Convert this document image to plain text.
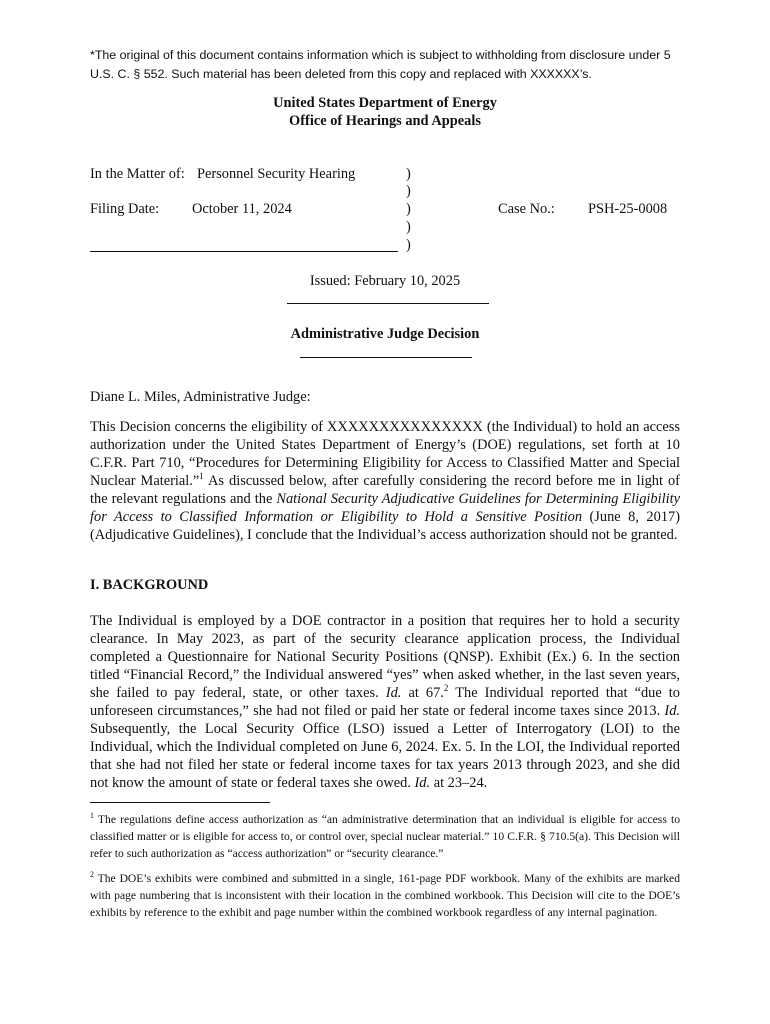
*The original of this document contains information which is subject to withholding from disclosure under 5 U.S. C. § 552. Such material has been deleted from this copy and replaced with XXXXXX’s.
United States Department of Energy
Office of Hearings and Appeals
In the Matter of: Personnel Security Hearing
Filing Date: October 11, 2024	Case No.: PSH-25-0008
)
)
)
)
)
Issued: February 10, 2025
Administrative Judge Decision
Diane L. Miles, Administrative Judge:
This Decision concerns the eligibility of XXXXXXXXXXXXXXX (the Individual) to hold an access authorization under the United States Department of Energy’s (DOE) regulations, set forth at 10 C.F.R. Part 710, “Procedures for Determining Eligibility for Access to Classified Matter and Special Nuclear Material.”$^1$ As discussed below, after carefully considering the record before me in light of the relevant regulations and the National Security Adjudicative Guidelines for Determining Eligibility for Access to Classified Information or Eligibility to Hold a Sensitive Position (June 8, 2017) (Adjudicative Guidelines), I conclude that the Individual’s access authorization should not be granted.
I. BACKGROUND
The Individual is employed by a DOE contractor in a position that requires her to hold a security clearance. In May 2023, as part of the security clearance application process, the Individual completed a Questionnaire for National Security Positions (QNSP). Exhibit (Ex.) 6. In the section titled “Financial Record,” the Individual answered “yes” when asked whether, in the last seven years, she failed to pay federal, state, or other taxes. Id. at 67.$^2$ The Individual reported that “due to unforeseen circumstances,” she had not filed or paid her state or federal income taxes since 2013. Id. Subsequently, the Local Security Office (LSO) issued a Letter of Interrogatory (LOI) to the Individual, which the Individual completed on June 6, 2024. Ex. 5. In the LOI, the Individual reported that she had not filed her state or federal income taxes for tax years 2013 through 2023, and she did not know the amount of state or federal taxes she owed. Id. at 23–24.
$^1$ The regulations define access authorization as “an administrative determination that an individual is eligible for access to classified matter or is eligible for access to, or control over, special nuclear material.” 10 C.F.R. § 710.5(a). This Decision will refer to such authorization as “access authorization” or “security clearance.”
$^2$ The DOE’s exhibits were combined and submitted in a single, 161-page PDF workbook. Many of the exhibits are marked with page numbering that is inconsistent with their location in the combined workbook. This Decision will cite to the DOE’s exhibits by reference to the exhibit and page number within the combined workbook regardless of any internal pagination.
